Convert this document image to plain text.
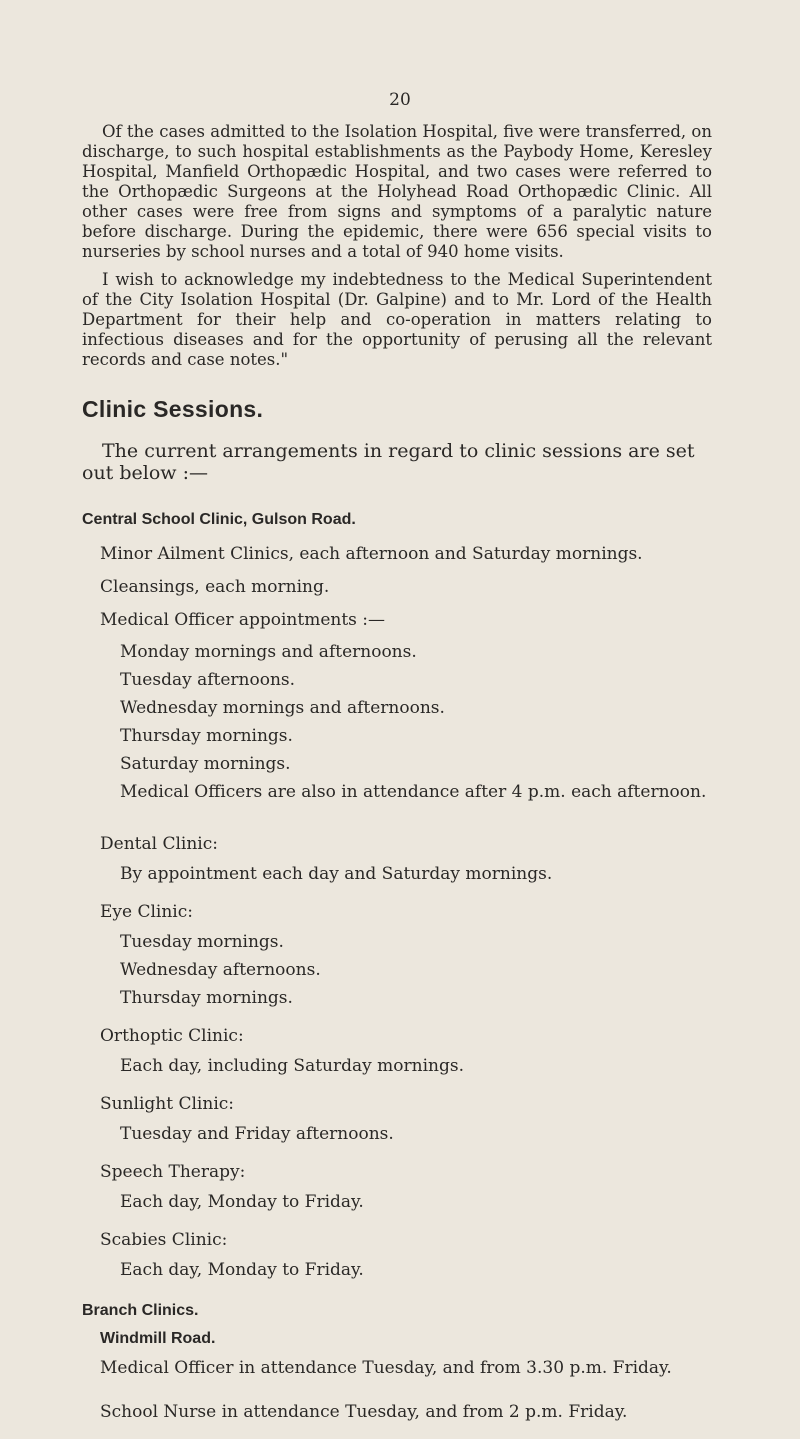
20

Of the cases admitted to the Isolation Hospital, five were transferred, on discharge, to such hospital establishments as the Paybody Home, Keresley Hospital, Manfield Orthopædic Hospital, and two cases were referred to the Orthopædic Surgeons at the Holyhead Road Orthopædic Clinic. All other cases were free from signs and symptoms of a paralytic nature before discharge. During the epidemic, there were 656 special visits to nurseries by school nurses and a total of 940 home visits.

I wish to acknowledge my indebtedness to the Medical Superintendent of the City Isolation Hospital (Dr. Galpine) and to Mr. Lord of the Health Department for their help and co-operation in matters relating to infectious diseases and for the opportunity of perusing all the relevant records and case notes."

Clinic Sessions.

The current arrangements in regard to clinic sessions are set out below :—

Central School Clinic, Gulson Road.
Minor Ailment Clinics, each afternoon and Saturday mornings.
Cleansings, each morning.
Medical Officer appointments :—
Monday mornings and afternoons.
Tuesday afternoons.
Wednesday mornings and afternoons.
Thursday mornings.
Saturday mornings.
Medical Officers are also in attendance after 4 p.m. each afternoon.
Dental Clinic:
By appointment each day and Saturday mornings.
Eye Clinic:
Tuesday mornings.
Wednesday afternoons.
Thursday mornings.
Orthoptic Clinic:
Each day, including Saturday mornings.
Sunlight Clinic:
Tuesday and Friday afternoons.
Speech Therapy:
Each day, Monday to Friday.
Scabies Clinic:
Each day, Monday to Friday.
Branch Clinics.
Windmill Road.
Medical Officer in attendance Tuesday, and from 3.30 p.m. Friday.
School Nurse in attendance Tuesday, and from 2 p.m. Friday.
